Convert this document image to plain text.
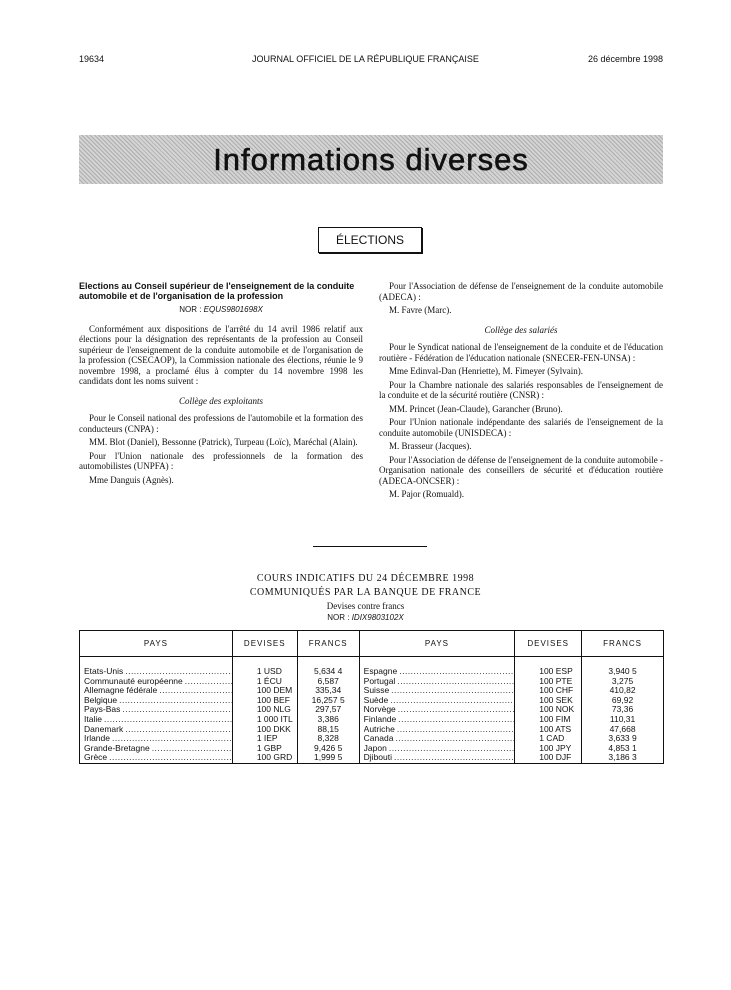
19634	JOURNAL OFFICIEL DE LA RÉPUBLIQUE FRANÇAISE	26 décembre 1998
Informations diverses
ÉLECTIONS
Elections au Conseil supérieur de l'enseignement de la conduite automobile et de l'organisation de la profession
NOR : EQUS9801698X

Conformément aux dispositions de l'arrêté du 14 avril 1986 relatif aux élections pour la désignation des représentants de la profession au Conseil supérieur de l'enseignement de la conduite automobile et de l'organisation de la profession (CSECAOP), la Commission nationale des élections, réunie le 9 novembre 1998, a proclamé élus à compter du 14 novembre 1998 les candidats dont les noms suivent :

Collège des exploitants

Pour le Conseil national des professions de l'automobile et la formation des conducteurs (CNPA) :

MM. Blot (Daniel), Bessonne (Patrick), Turpeau (Loïc), Maréchal (Alain).

Pour l'Union nationale des professionnels de la formation des automobilistes (UNPFA) :

Mme Danguis (Agnès).

Pour l'Association de défense de l'enseignement de la conduite automobile (ADECA) :

M. Favre (Marc).

Collège des salariés

Pour le Syndicat national de l'enseignement de la conduite et de l'éducation routière - Fédération de l'éducation nationale (SNECER-FEN-UNSA) :

Mme Edinval-Dan (Henriette), M. Fimeyer (Sylvain).

Pour la Chambre nationale des salariés responsables de l'enseignement de la conduite et de la sécurité routière (CNSR) :

MM. Princet (Jean-Claude), Garancher (Bruno).

Pour l'Union nationale indépendante des salariés de l'enseignement de la conduite automobile (UNISDECA) :

M. Brasseur (Jacques).

Pour l'Association de défense de l'enseignement de la conduite automobile - Organisation nationale des conseillers de sécurité et d'éducation routière (ADECA-ONCSER) :

M. Pajor (Romuald).

COURS INDICATIFS DU 24 DÉCEMBRE 1998
COMMUNIQUÉS PAR LA BANQUE DE FRANCE
Devises contre francs
NOR : IDIX9803102X
PAYS	DEVISES	FRANCS	PAYS	DEVISES	FRANCS

Etats-Unis .....	1 USD	5,634 4	Espagne .....	100 ESP	3,940 5

Communauté européenne .....	1 ÉCU	6,587	Portugal .....	100 PTE	3,275

Allemagne fédérale .....	100 DEM	335,34	Suisse .....	100 CHF	410,82

Belgique .....	100 BEF	16,257 5	Suède .....	100 SEK	69,92

Pays-Bas .....	100 NLG	297,57	Norvège .....	100 NOK	73,36

Italie .....	1 000 ITL	3,386	Finlande .....	100 FIM	110,31

Danemark .....	100 DKK	88,15	Autriche .....	100 ATS	47,668

Irlande .....	1 IEP	8,328	Canada .....	1 CAD	3,633 9

Grande-Bretagne .....	1 GBP	9,426 5	Japon .....	100 JPY	4,853 1

Grèce .....	100 GRD	1,999 5	Djibouti .....	100 DJF	3,186 3
